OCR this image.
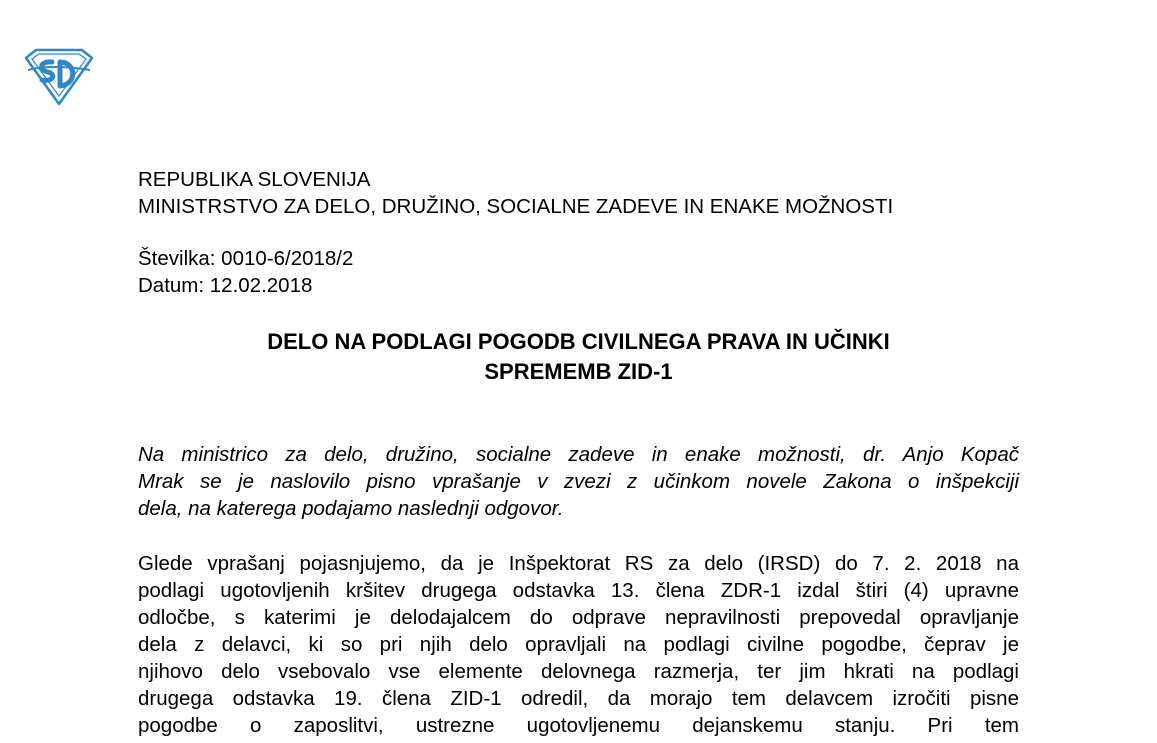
REPUBLIKA SLOVENIJA
MINISTRSTVO ZA DELO, DRUŽINO, SOCIALNE ZADEVE IN ENAKE MOŽNOSTI
Številka: 0010-6/2018/2
Datum: 12.02.2018
DELO NA PODLAGI POGODB CIVILNEGA PRAVA IN UČINKI
SPREMEMB ZID-1
Na ministrico za delo, družino, socialne zadeve in enake možnosti, dr. Anjo Kopač
Mrak se je naslovilo pisno vprašanje v zvezi z učinkom novele Zakona o inšpekciji
dela, na katerega podajamo naslednji odgovor.
Glede vprašanj pojasnjujemo, da je Inšpektorat RS za delo (IRSD) do 7. 2. 2018 na
podlagi ugotovljenih kršitev drugega odstavka 13. člena ZDR-1 izdal štiri (4) upravne
odločbe, s katerimi je delodajalcem do odprave nepravilnosti prepovedal opravljanje
dela z delavci, ki so pri njih delo opravljali na podlagi civilne pogodbe, čeprav je
njihovo delo vsebovalo vse elemente delovnega razmerja, ter jim hkrati na podlagi
drugega odstavka 19. člena ZID-1 odredil, da morajo tem delavcem izročiti pisne
pogodbe o zaposlitvi, ustrezne ugotovljenemu dejanskemu stanju. Pri tem
